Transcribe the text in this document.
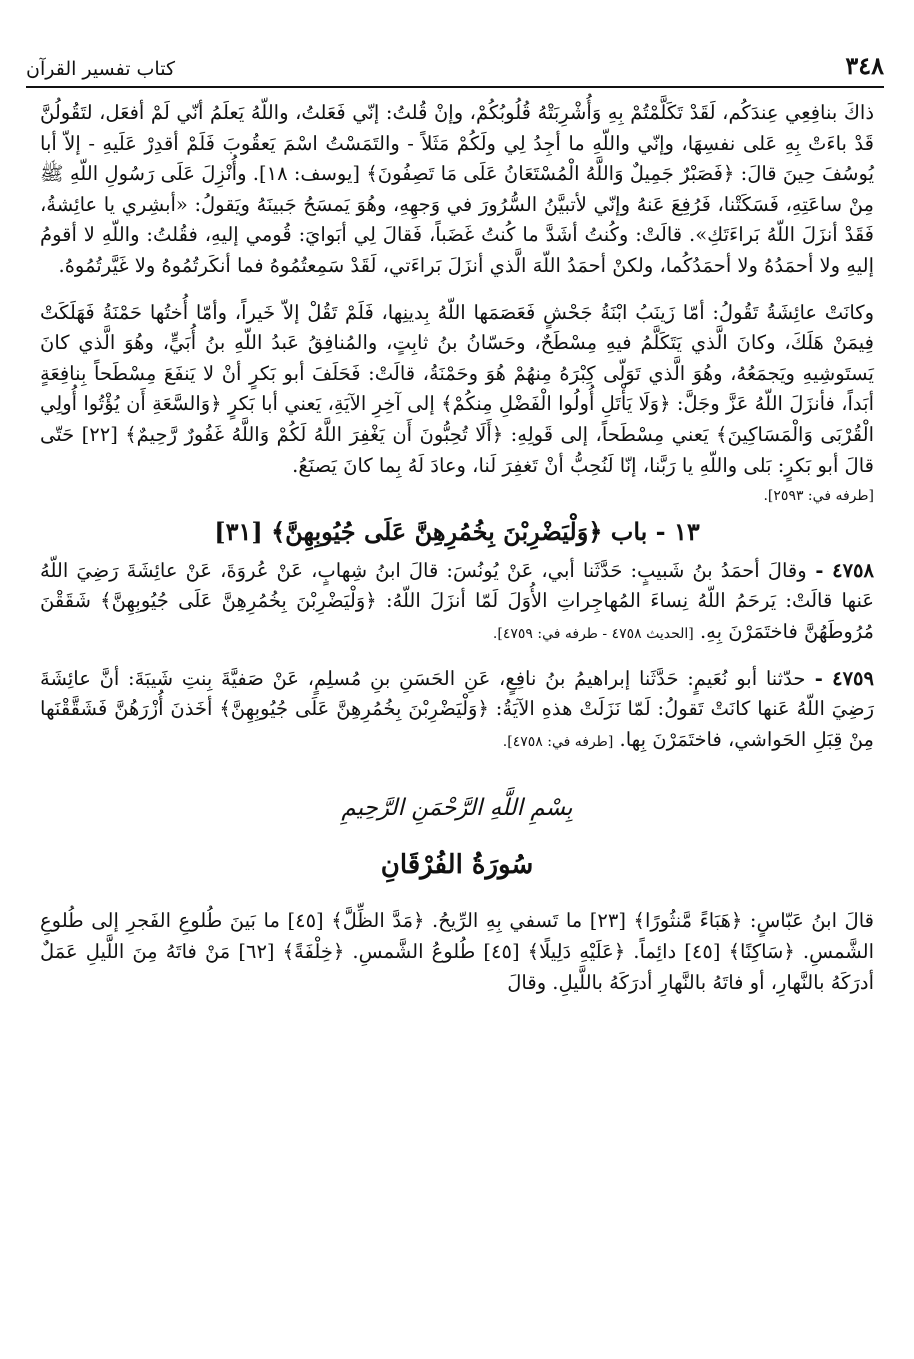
٣٤٨
كتاب تفسير القرآن

ذاكَ بنافِعِي عِندَكُم، لَقَدْ تَكَلَّمْتُمْ بِهِ وَأُشْرِبَتْهُ قُلُوبُكُمْ، وإنْ قُلتُ: إنّي فَعَلتُ، واللّهُ يَعلَمُ أنّي لَمْ أفعَل، لتَقُولُنَّ قَدْ باءَتْ بِهِ عَلى نفسِهَا، وإنّي واللّهِ ما أجِدُ لِي ولَكُمْ مَثَلاً - والتَمَسْتُ اسْمَ يَعقُوبَ فَلَمْ أقدِرْ عَلَيهِ - إلاّ أبا يُوسُفَ حِينَ قالَ: ﴿فَصَبْرٌ جَمِيلٌ وَاللَّهُ الْمُسْتَعَانُ عَلَى مَا تَصِفُونَ﴾ [يوسف: ١٨]. وأُنْزِلَ عَلَى رَسُولِ اللّهِ ﷺ مِنْ ساعَتِهِ، فَسَكَتْنا، فَرُفِعَ عَنهُ وإنّي لأتبيَّنُ السُّرُورَ في وَجهِهِ، وهُوَ يَمسَحُ جَبينَهُ ويَقولُ: «أبشِري يا عائِشةُ، فَقَدْ أنزَلَ اللّهُ بَراءَتَكِ». قالَتْ: وكُنتُ أشَدَّ ما كُنتُ غَضَباً، فَقالَ لِي أبَوايَ: قُومي إليهِ، فقُلتُ: واللّهِ لا أقومُ إليهِ ولا أحمَدُهُ ولا أحمَدُكُما، ولكنْ أحمَدُ اللّهَ الَّذي أنزَلَ بَراءَتي، لَقَدْ سَمِعتُمُوهُ فما أنكَرتُمُوهُ ولا غَيَّرتُمُوهُ.

وكانَتْ عائِشَةُ تَقُولُ: أمّا زَينَبُ ابْنَةُ جَحْشٍ فَعَصَمَها اللّهُ بِدينِها، فَلَمْ تَقُلْ إلاّ خَيراً، وأمّا أُختُها حَمْنَةُ فَهَلَكَتْ فِيمَنْ هَلَكَ، وكانَ الَّذي يَتَكَلَّمُ فيهِ مِسْطَحٌ، وحَسّانُ بنُ ثابِتٍ، والمُنافِقُ عَبدُ اللّهِ بنُ أُبَيٍّ، وهُوَ الَّذي كانَ يَستَوشِيهِ ويَجمَعُهُ، وهُوَ الَّذي تَوَلّى كِبْرَهُ مِنهُمْ هُوَ وحَمْنَةُ، قالَتْ: فَحَلَفَ أبو بَكرٍ أنْ لا يَنفَعَ مِسْطَحاً بِنافِعَةٍ أبَداً، فأنزَلَ اللّهُ عَزَّ وجَلَّ: ﴿وَلَا يَأْتَلِ أُولُوا الْفَضْلِ مِنكُمْ﴾ إلى آخِرِ الآيَةِ، يَعني أبا بَكرٍ ﴿وَالسَّعَةِ أَن يُؤْتُوا أُولِي الْقُرْبَى وَالْمَسَاكِينَ﴾ يَعني مِسْطَحاً، إلى قَولِهِ: ﴿أَلَا تُحِبُّونَ أَن يَغْفِرَ اللَّهُ لَكُمْ وَاللَّهُ غَفُورٌ رَّحِيمٌ﴾ [٢٢] حَتّى قالَ أبو بَكرٍ: بَلى واللّهِ يا رَبَّنا، إنّا لَنُحِبُّ أنْ تَغفِرَ لَنا، وعادَ لَهُ بِما كانَ يَصنَعُ.

[طرفه في: ٢٥٩٣].

١٣ - باب ﴿وَلْيَضْرِبْنَ بِخُمُرِهِنَّ عَلَى جُيُوبِهِنَّ﴾ [٣١]

٤٧٥٨ - وقالَ أحمَدُ بنُ شَبيبٍ: حَدَّثَنا أبي، عَنْ يُونُسَ: قالَ ابنُ شِهابٍ، عَنْ عُروَةَ، عَنْ عائِشَةَ رَضِيَ اللّهُ عَنها قالَتْ: يَرحَمُ اللّهُ نِساءَ المُهاجِراتِ الأُوَلَ لَمّا أنزَلَ اللّهُ: ﴿وَلْيَضْرِبْنَ بِخُمُرِهِنَّ عَلَى جُيُوبِهِنَّ﴾ شَقَقْنَ مُرُوطَهُنَّ فاختَمَرْنَ بِهِ. [الحديث ٤٧٥٨ - طرفه في: ٤٧٥٩].

٤٧٥٩ - حدّثنا أبو نُعَيمٍ: حَدَّثَنا إبراهيمُ بنُ نافِعٍ، عَنِ الحَسَنِ بنِ مُسلِمٍ، عَنْ صَفيَّةَ بِنتِ شَيبَةَ: أنَّ عائِشَةَ رَضِيَ اللّهُ عَنها كانَتْ تَقولُ: لَمّا نَزَلَتْ هذهِ الآيَةُ: ﴿وَلْيَضْرِبْنَ بِخُمُرِهِنَّ عَلَى جُيُوبِهِنَّ﴾ أخَذنَ أُزْرَهُنَّ فَشَقَّقْنَها مِنْ قِبَلِ الحَواشي، فاختَمَرْنَ بِها. [طرفه في: ٤٧٥٨].

بِسْمِ اللَّهِ الرَّحْمَنِ الرَّحِيمِ
سُورَةُ الفُرْقَانِ

قالَ ابنُ عَبّاسٍ: ﴿هَبَاءً مَّنثُورًا﴾ [٢٣] ما تَسفي بِهِ الرِّيحُ. ﴿مَدَّ الظِّلَّ﴾ [٤٥] ما بَينَ طُلوعِ الفَجرِ إلى طُلوعِ الشَّمسِ. ﴿سَاكِنًا﴾ [٤٥] دائِماً. ﴿عَلَيْهِ دَلِيلًا﴾ [٤٥] طُلوعُ الشَّمسِ. ﴿خِلْفَةً﴾ [٦٢] مَنْ فاتَهُ مِنَ اللَّيلِ عَمَلٌ أدرَكَهُ بالنَّهارِ، أو فاتَهُ بالنَّهارِ أدرَكَهُ باللَّيلِ. وقالَ
